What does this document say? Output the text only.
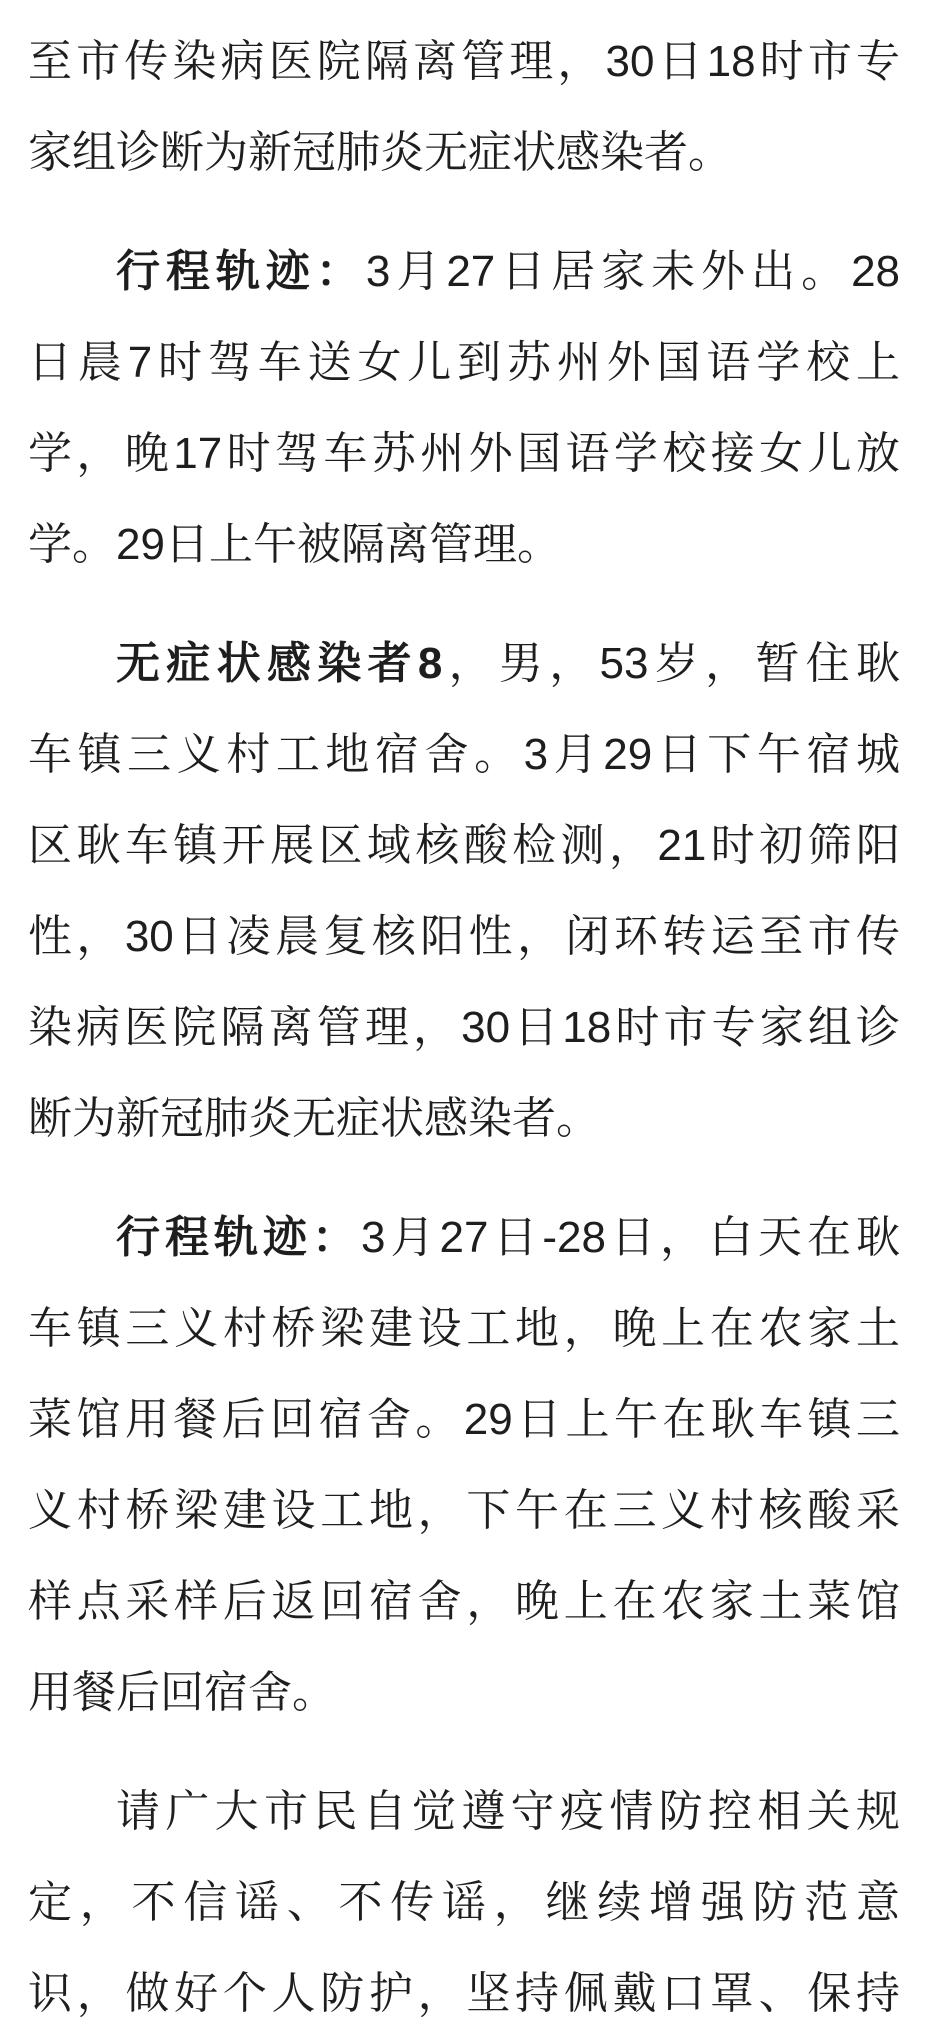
至市传染病医院隔离管理，30日18时市专
家组诊断为新冠肺炎无症状感染者。
行程轨迹：3月27日居家未外出。28
日晨7时驾车送女儿到苏州外国语学校上
学，晚17时驾车苏州外国语学校接女儿放
学。29日上午被隔离管理。
无症状感染者8，男，53岁，暂住耿
车镇三义村工地宿舍。3月29日下午宿城
区耿车镇开展区域核酸检测，21时初筛阳
性，30日凌晨复核阳性，闭环转运至市传
染病医院隔离管理，30日18时市专家组诊
断为新冠肺炎无症状感染者。
行程轨迹：3月27日-28日，白天在耿
车镇三义村桥梁建设工地，晚上在农家土
菜馆用餐后回宿舍。29日上午在耿车镇三
义村桥梁建设工地，下午在三义村核酸采
样点采样后返回宿舍，晚上在农家土菜馆
用餐后回宿舍。
请广大市民自觉遵守疫情防控相关规
定，不信谣、不传谣，继续增强防范意
识，做好个人防护，坚持佩戴口罩、保持
